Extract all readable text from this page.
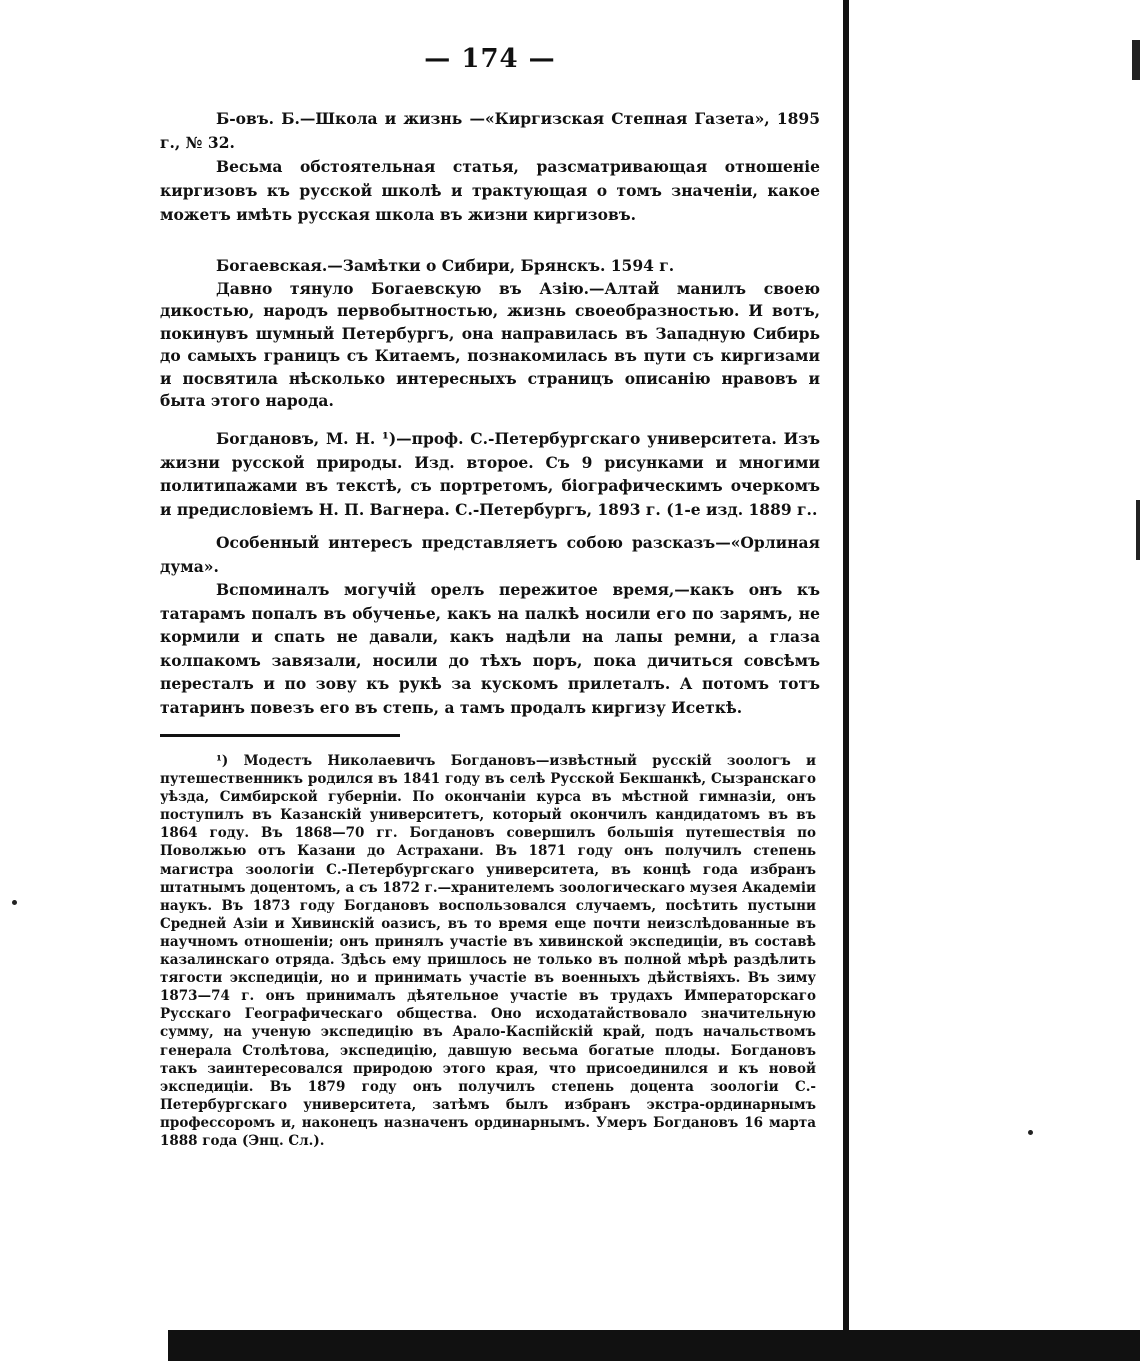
— 174 —

Б-овъ. Б.—Школа и жизнь —«Киргизская Степная Газета», 1895 г., № 32.

Весьма обстоятельная статья, разсматривающая отношеніе киргизовъ къ русской школѣ и трактующая о томъ значеніи, какое можетъ имѣть русская школа въ жизни киргизовъ.

Богаевская.—Замѣтки о Сибири, Брянскъ. 1594 г.

Давно тянуло Богаевскую въ Азію.—Алтай манилъ своею дикостью, народъ первобытностью, жизнь своеобразностью. И вотъ, покинувъ шумный Петербургъ, она направилась въ Западную Сибирь до самыхъ границъ съ Китаемъ, познакомилась въ пути съ киргизами и посвятила нѣсколько интересныхъ страницъ описанію нравовъ и быта этого народа.

Богдановъ, М. Н. ¹)—проф. С.-Петербургскаго университета. Изъ жизни русской природы. Изд. второе. Съ 9 рисунками и многими политипажами въ текстѣ, съ портретомъ, біографическимъ очеркомъ и предисловіемъ Н. П. Вагнера. С.-Петербургъ, 1893 г. (1-е изд. 1889 г..

Особенный интересъ представляетъ собою разсказъ—«Орлиная дума».

Вспоминалъ могучій орелъ пережитое время,—какъ онъ къ татарамъ попалъ въ обученье, какъ на палкѣ носили его по зарямъ, не кормили и спать не давали, какъ надѣли на лапы ремни, а глаза колпакомъ завязали, носили до тѣхъ поръ, пока дичиться совсѣмъ пересталъ и по зову къ рукѣ за кускомъ прилеталъ. А потомъ тотъ татаринъ повезъ его въ степь, а тамъ продалъ киргизу Исеткѣ.

¹) Модестъ Николаевичъ Богдановъ—извѣстный русскій зоологъ и путешественникъ родился въ 1841 году въ селѣ Русской Бекшанкѣ, Сызранскаго уѣзда, Симбирской губерніи. По окончаніи курса въ мѣстной гимназіи, онъ поступилъ въ Казанскій университетъ, который окончилъ кандидатомъ въ въ 1864 году. Въ 1868—70 гг. Богдановъ совершилъ большія путешествія по Поволжью отъ Казани до Астрахани. Въ 1871 году онъ получилъ степень магистра зоологіи С.-Петербургскаго университета, въ концѣ года избранъ штатнымъ доцентомъ, а съ 1872 г.—хранителемъ зоологическаго музея Академіи наукъ. Въ 1873 году Богдановъ воспользовался случаемъ, посѣтить пустыни Средней Азіи и Хивинскій оазисъ, въ то время еще почти неизслѣдованные въ научномъ отношеніи; онъ принялъ участіе въ хивинской экспедиціи, въ составѣ казалинскаго отряда. Здѣсь ему пришлось не только въ полной мѣрѣ раздѣлить тягости экспедиціи, но и принимать участіе въ военныхъ дѣйствіяхъ. Въ зиму 1873—74 г. онъ принималъ дѣятельное участіе въ трудахъ Императорскаго Русскаго Географическаго общества. Оно исходатайствовало значительную сумму, на ученую экспедицію въ Арало-Каспійскій край, подъ начальствомъ генерала Столѣтова, экспедицію, давшую весьма богатые плоды. Богдановъ такъ заинтересовался природою этого края, что присоединился и къ новой экспедиціи. Въ 1879 году онъ получилъ степень доцента зоологіи С.-Петербургскаго университета, затѣмъ былъ избранъ экстра-ординарнымъ профессоромъ и, наконецъ назначенъ ординарнымъ. Умеръ Богдановъ 16 марта 1888 года (Энц. Сл.).
